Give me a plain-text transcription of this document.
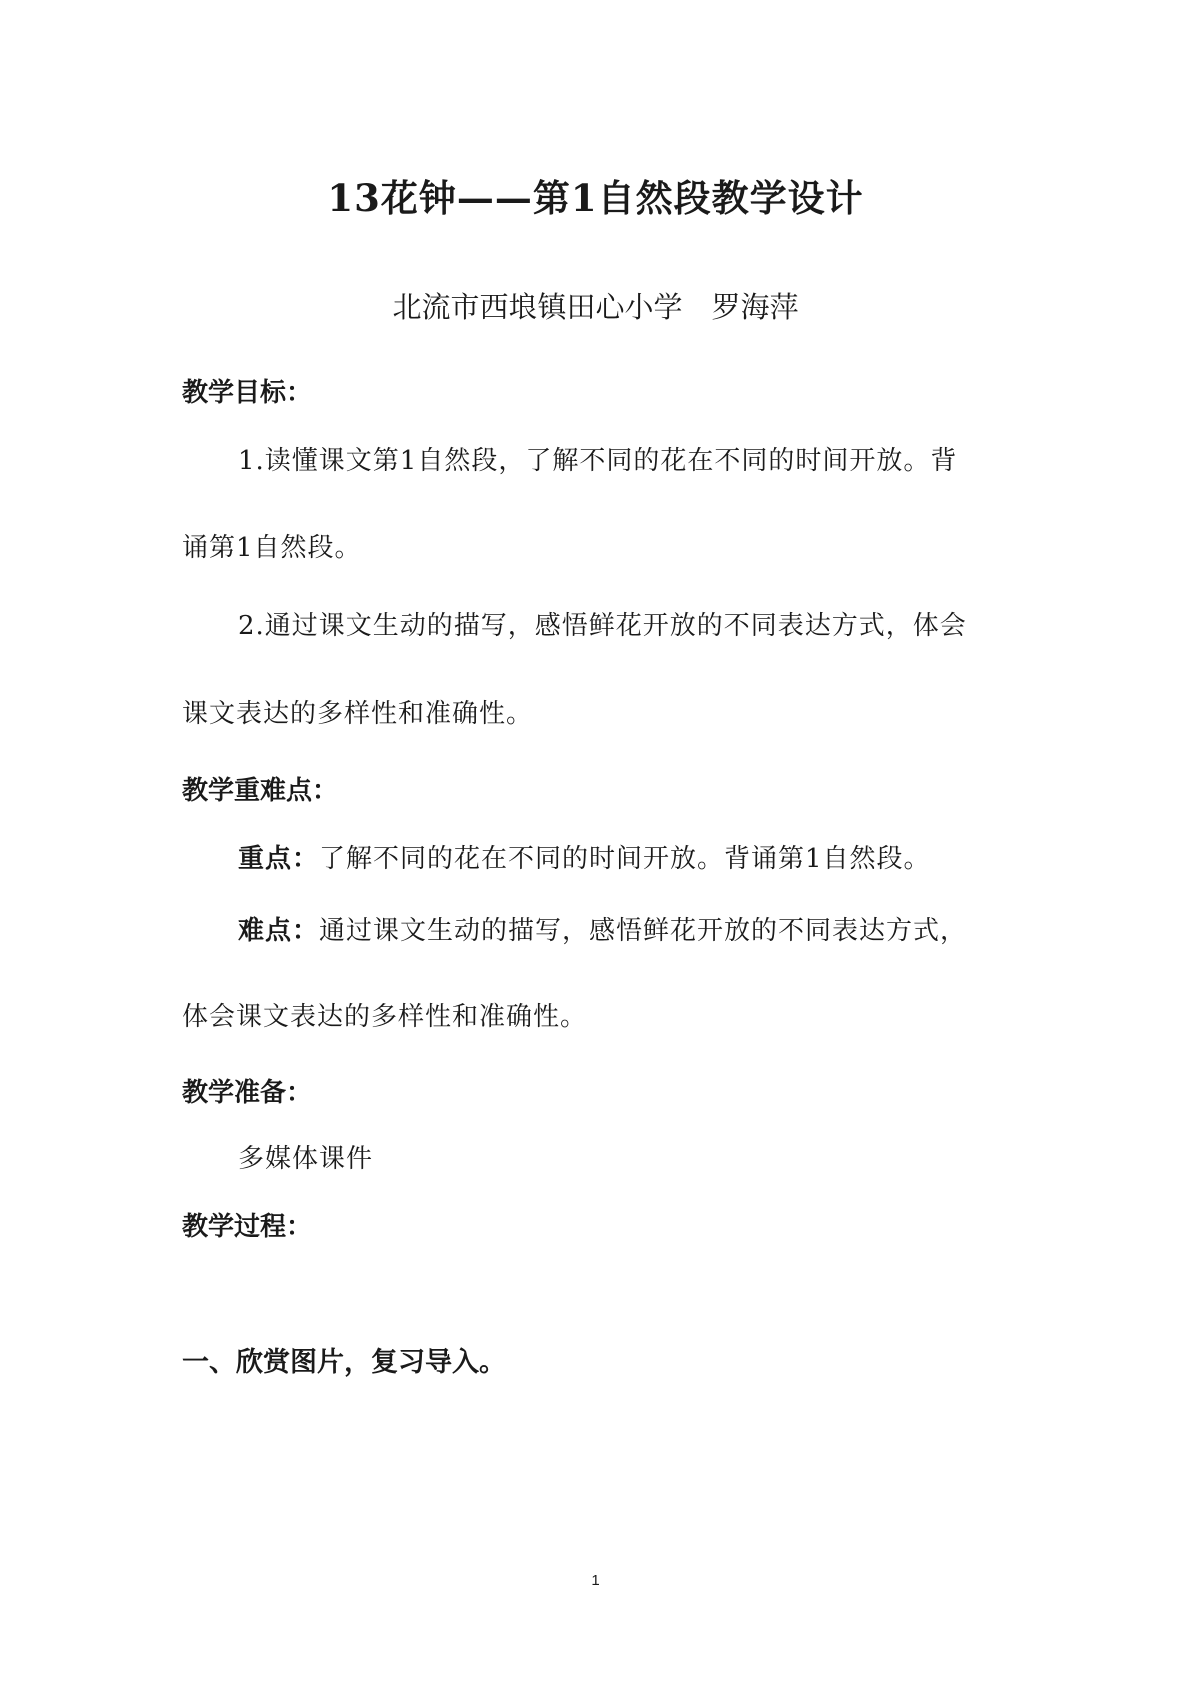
13花钟——第1自然段教学设计
北流市西埌镇田心小学　罗海萍
教学目标：
1.读懂课文第1自然段，了解不同的花在不同的时间开放。背
诵第1自然段。
2.通过课文生动的描写，感悟鲜花开放的不同表达方式，体会
课文表达的多样性和准确性。
教学重难点：
重点：了解不同的花在不同的时间开放。背诵第1自然段。
难点：通过课文生动的描写，感悟鲜花开放的不同表达方式，
体会课文表达的多样性和准确性。
教学准备：
多媒体课件
教学过程：
一、欣赏图片，复习导入。
1
